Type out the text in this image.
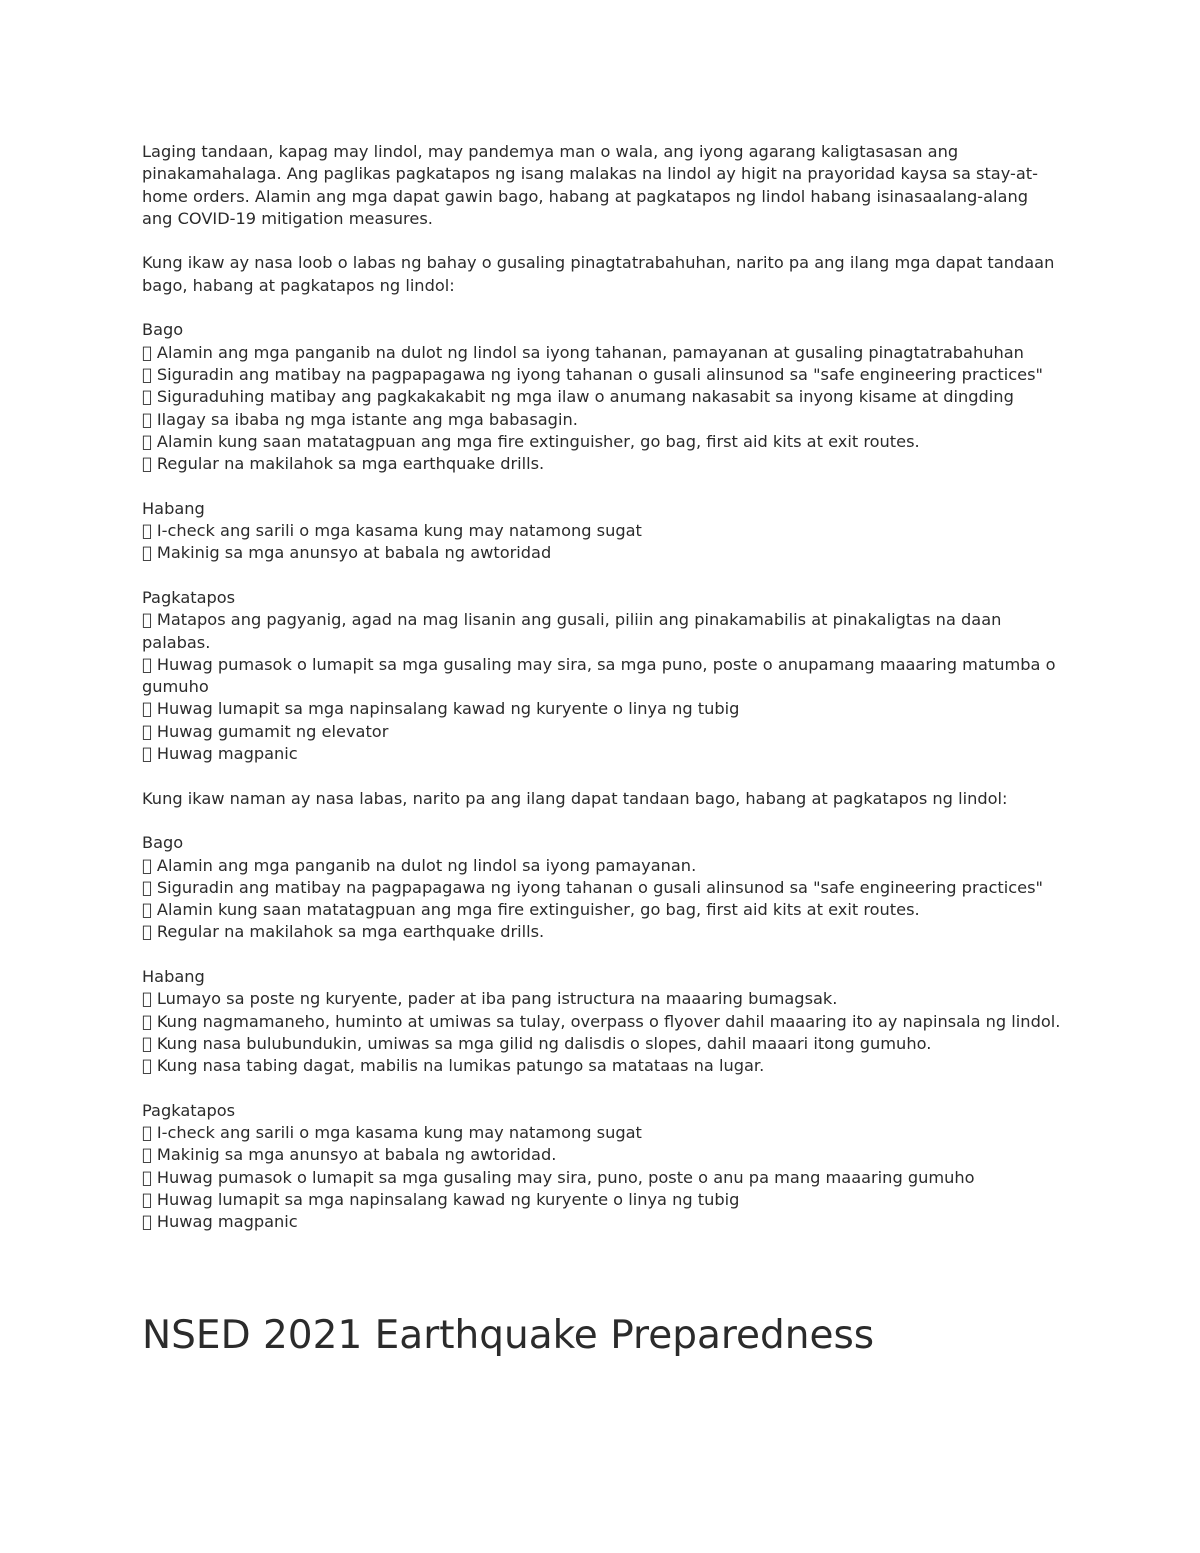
Laging tandaan, kapag may lindol, may pandemya man o wala, ang iyong agarang kaligtasasan ang pinakamahalaga. Ang paglikas pagkatapos ng isang malakas na lindol ay higit na prayoridad kaysa sa stay-at-home orders. Alamin ang mga dapat gawin bago, habang at pagkatapos ng lindol habang isinasaalang-alang ang COVID-19 mitigation measures.

Kung ikaw ay nasa loob o labas ng bahay o gusaling pinagtatrabahuhan, narito pa ang ilang mga dapat tandaan bago, habang at pagkatapos ng lindol:

Bago

Alamin ang mga panganib na dulot ng lindol sa iyong tahanan, pamayanan at gusaling pinagtatrabahuhan
Siguradin ang matibay na pagpapagawa ng iyong tahanan o gusali alinsunod sa "safe engineering practices"
Siguraduhing matibay ang pagkakakabit ng mga ilaw o anumang nakasabit sa inyong kisame at dingding
Ilagay sa ibaba ng mga istante ang mga babasagin.
Alamin kung saan matatagpuan ang mga fire extinguisher, go bag, first aid kits at exit routes.
Regular na makilahok sa mga earthquake drills.

Habang

I-check ang sarili o mga kasama kung may natamong sugat
Makinig sa mga anunsyo at babala ng awtoridad

Pagkatapos

Matapos ang pagyanig, agad na mag lisanin ang gusali, piliin ang pinakamabilis at pinakaligtas na daan palabas.
Huwag pumasok o lumapit sa mga gusaling may sira, sa mga puno, poste o anupamang maaaring matumba o gumuho
Huwag lumapit sa mga napinsalang kawad ng kuryente o linya ng tubig
Huwag gumamit ng elevator
Huwag magpanic

Kung ikaw naman ay nasa labas, narito pa ang ilang dapat tandaan bago, habang at pagkatapos ng lindol:

Bago

Alamin ang mga panganib na dulot ng lindol sa iyong pamayanan.
Siguradin ang matibay na pagpapagawa ng iyong tahanan o gusali alinsunod sa "safe engineering practices"
Alamin kung saan matatagpuan ang mga fire extinguisher, go bag, first aid kits at exit routes.
Regular na makilahok sa mga earthquake drills.

Habang

Lumayo sa poste ng kuryente, pader at iba pang istructura na maaaring bumagsak.
Kung nagmamaneho, huminto at umiwas sa tulay, overpass o flyover dahil maaaring ito ay napinsala ng lindol.
Kung nasa bulubundukin, umiwas sa mga gilid ng dalisdis o slopes, dahil maaari itong gumuho.
Kung nasa tabing dagat, mabilis na lumikas patungo sa matataas na lugar.

Pagkatapos

I-check ang sarili o mga kasama kung may natamong sugat
Makinig sa mga anunsyo at babala ng awtoridad.
Huwag pumasok o lumapit sa mga gusaling may sira, puno, poste o anu pa mang maaaring gumuho
Huwag lumapit sa mga napinsalang kawad ng kuryente o linya ng tubig
Huwag magpanic
NSED 2021 Earthquake Preparedness
